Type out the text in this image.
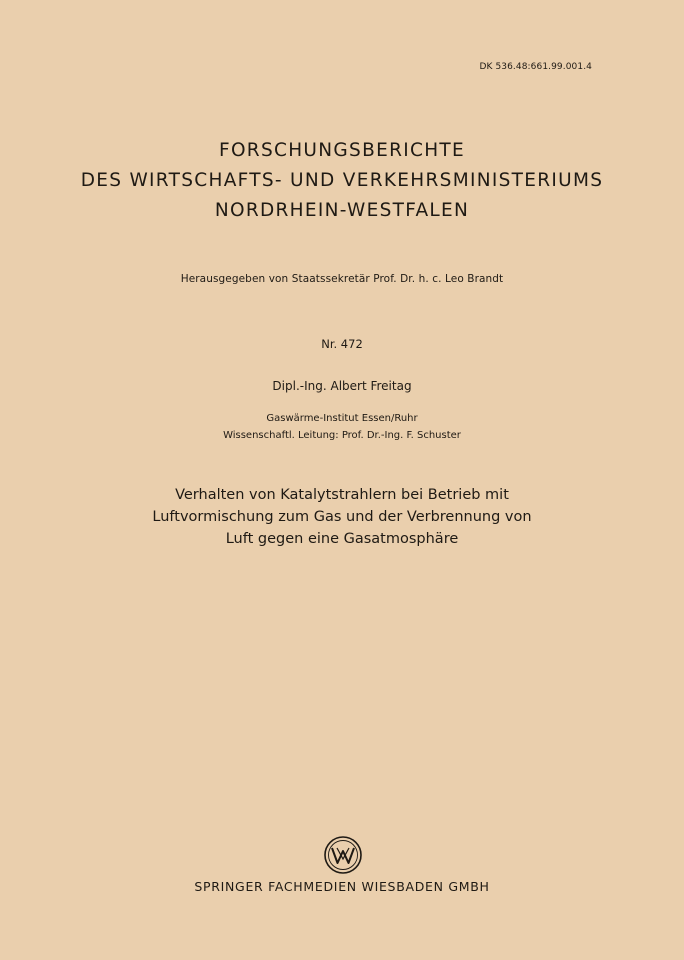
DK 536.48:661.99.001.4
FORSCHUNGSBERICHTE
DES WIRTSCHAFTS- UND VERKEHRSMINISTERIUMS
NORDRHEIN-WESTFALEN
Herausgegeben von Staatssekretär Prof. Dr. h. c. Leo Brandt
Nr. 472
Dipl.-Ing. Albert Freitag
Gaswärme-Institut Essen/Ruhr
Wissenschaftl. Leitung: Prof. Dr.-Ing. F. Schuster
Verhalten von Katalytstrahlern bei Betrieb mit
Luftvormischung zum Gas und der Verbrennung von
Luft gegen eine Gasatmosphäre
SPRINGER FACHMEDIEN WIESBADEN GMBH
